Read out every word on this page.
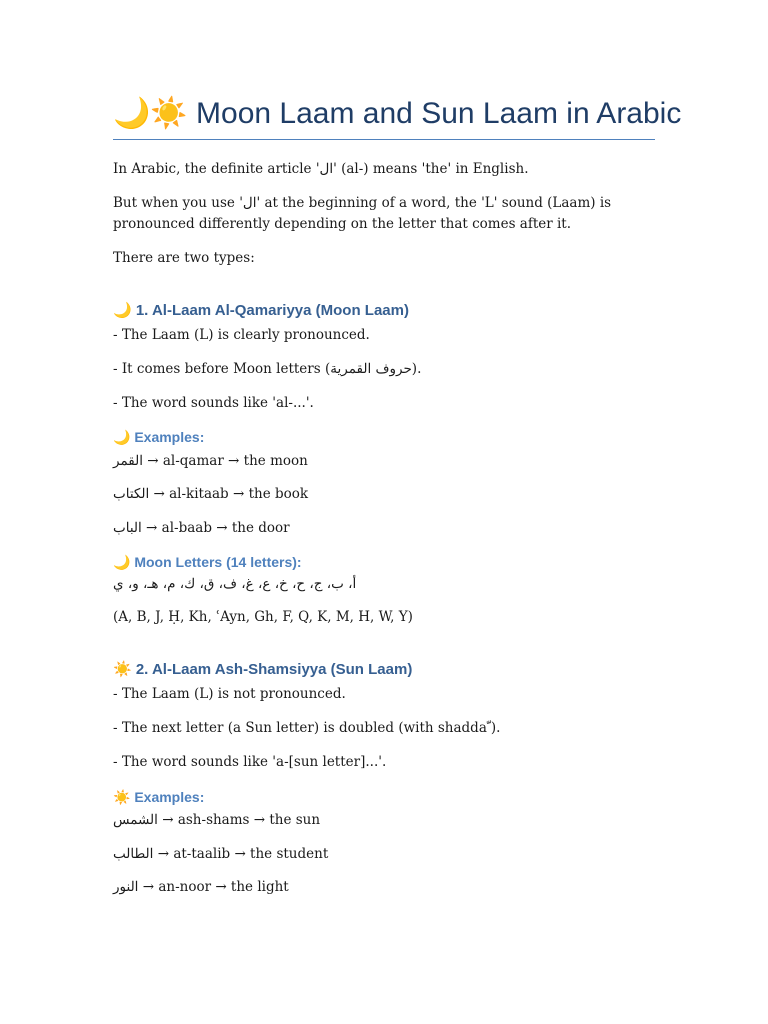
🌙☀️ Moon Laam and Sun Laam in Arabic
In Arabic, the definite article 'ال' (al-) means 'the' in English.
But when you use 'ال' at the beginning of a word, the 'L' sound (Laam) is pronounced differently depending on the letter that comes after it.
There are two types:
🌙 1. Al-Laam Al-Qamariyya (Moon Laam)
- The Laam (L) is clearly pronounced.
- It comes before Moon letters (حروف القمرية).
- The word sounds like 'al-...'.
🌙 Examples:
القمر → al-qamar → the moon
الكتاب → al-kitaab → the book
الباب → al-baab → the door
🌙 Moon Letters (14 letters):
أ، ب، ج، ح، خ، ع، غ، ف، ق، ك، م، هـ، و، ي
(A, B, J, Ḥ, Kh, ʿAyn, Gh, F, Q, K, M, H, W, Y)
☀️ 2. Al-Laam Ash-Shamsiyya (Sun Laam)
- The Laam (L) is not pronounced.
- The next letter (a Sun letter) is doubled (with shadda ّ).
- The word sounds like 'a-[sun letter]...'.
☀️ Examples:
الشمس → ash-shams → the sun
الطالب → at-taalib → the student
النور → an-noor → the light
